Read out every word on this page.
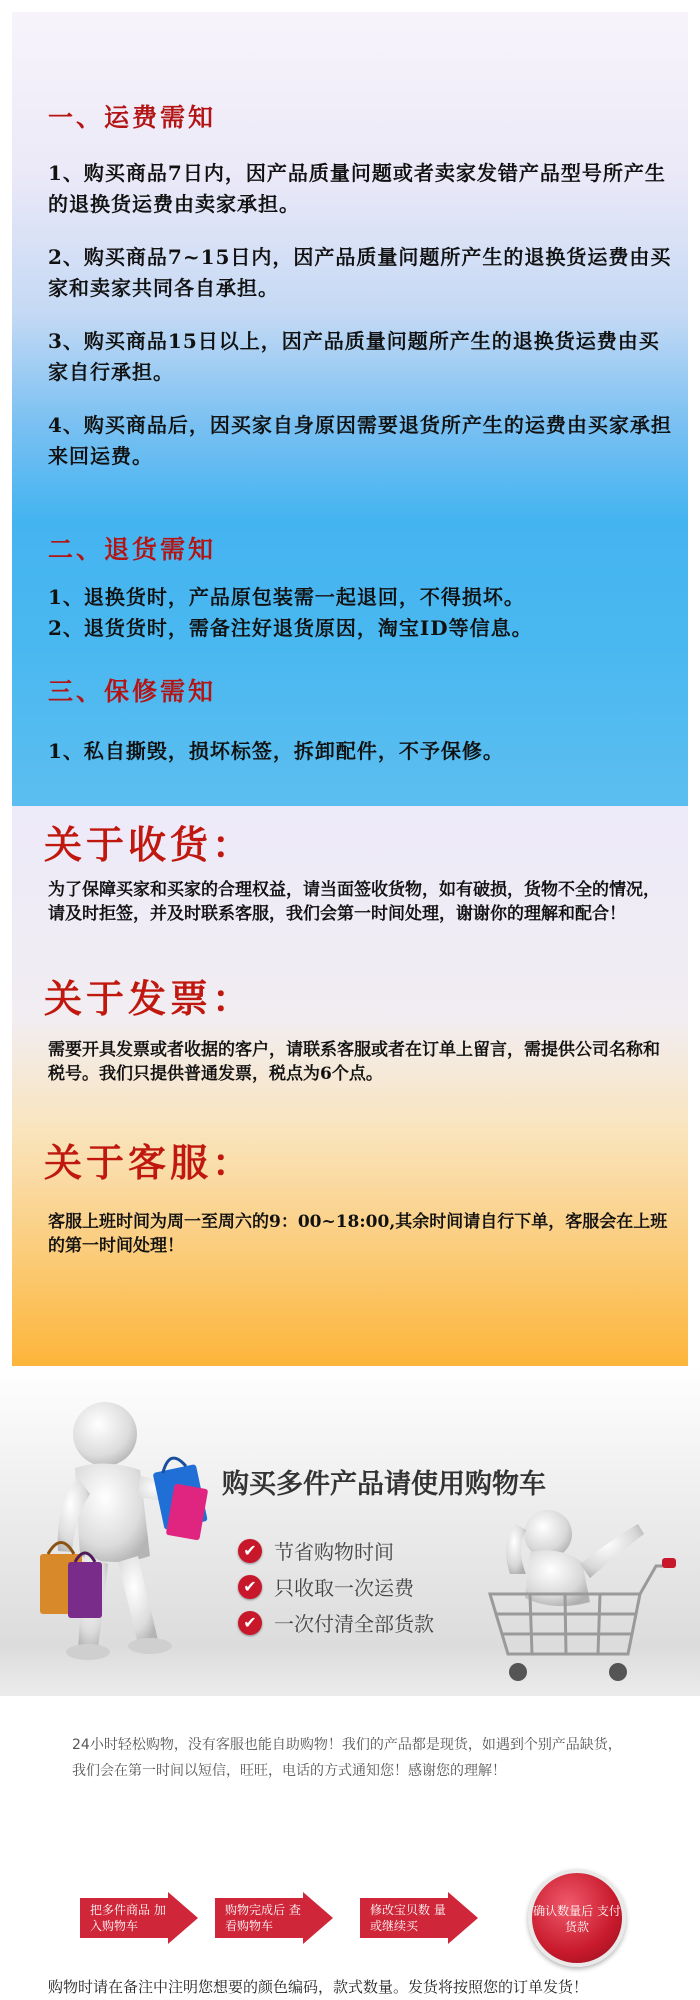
一、运费需知
1、购买商品7日内，因产品质量问题或者卖家发错产品型号所产生的退换货运费由卖家承担。
2、购买商品7~15日内，因产品质量问题所产生的退换货运费由买家和卖家共同各自承担。
3、购买商品15日以上，因产品质量问题所产生的退换货运费由买家自行承担。
4、购买商品后，因买家自身原因需要退货所产生的运费由买家承担来回运费。
二、退货需知
1、退换货时，产品原包装需一起退回，不得损坏。
2、退货货时，需备注好退货原因，淘宝ID等信息。
三、保修需知
1、私自撕毁，损坏标签，拆卸配件，不予保修。
关于收货：
为了保障买家和买家的合理权益，请当面签收货物，如有破损，货物不全的情况，请及时拒签，并及时联系客服，我们会第一时间处理，谢谢你的理解和配合！
关于发票：
需要开具发票或者收据的客户，请联系客服或者在订单上留言，需提供公司名称和税号。我们只提供普通发票，税点为6个点。
关于客服：
客服上班时间为周一至周六的9：00~18:00,其余时间请自行下单，客服会在上班的第一时间处理！
购买多件产品请使用购物车
✔ 节省购物时间
✔ 只收取一次运费
✔ 一次付清全部货款
24小时轻松购物，没有客服也能自助购物！我们的产品都是现货，如遇到个别产品缺货，我们会在第一时间以短信，旺旺，电话的方式通知您！感谢您的理解！
把多件商品 加入购物车
购物完成后 查看购物车
修改宝贝数 量或继续买
确认数量后 支付货款
购物时请在备注中注明您想要的颜色编码，款式数量。发货将按照您的订单发货！
